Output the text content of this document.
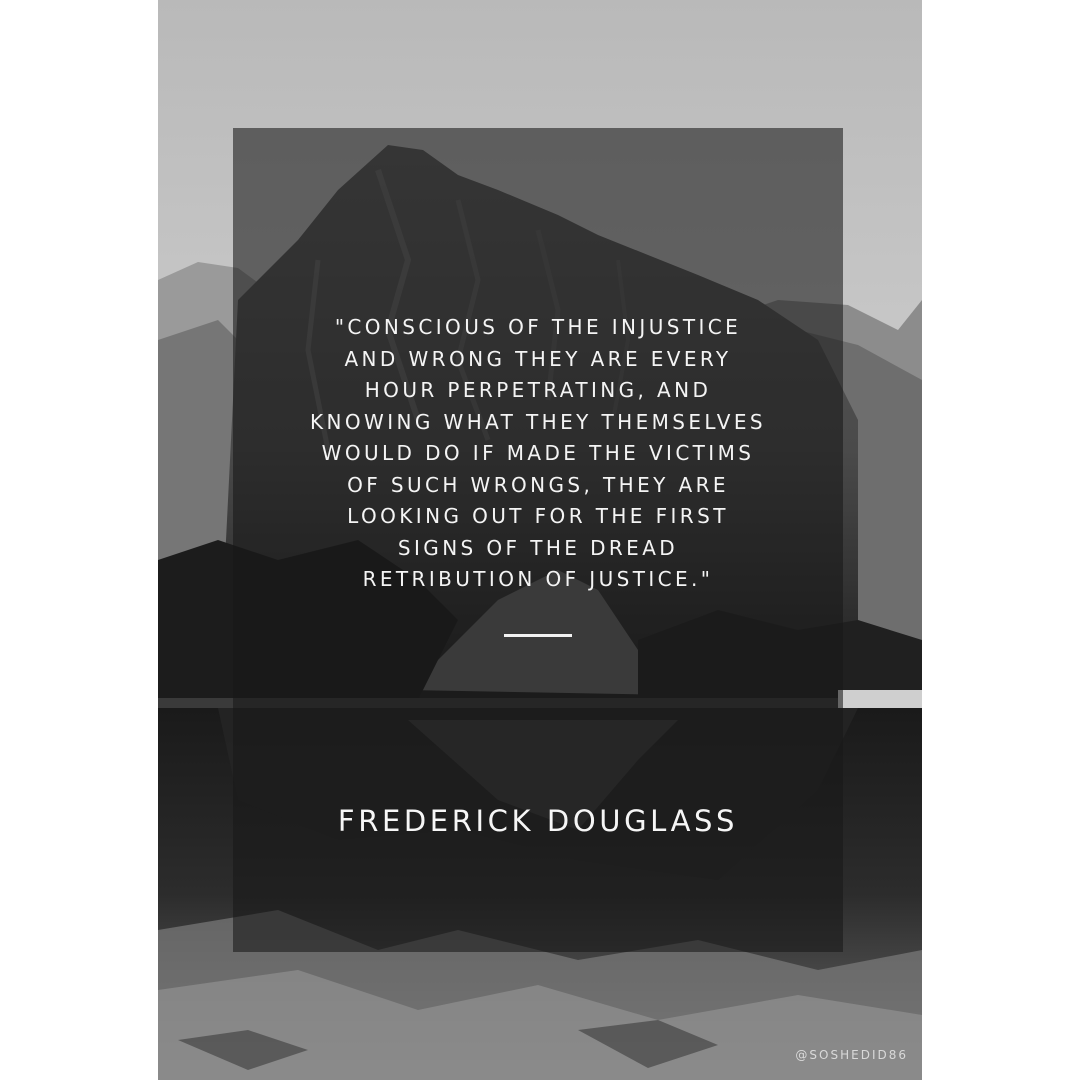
"CONSCIOUS OF THE INJUSTICE
AND WRONG THEY ARE EVERY
HOUR PERPETRATING, AND
KNOWING WHAT THEY THEMSELVES
WOULD DO IF MADE THE VICTIMS
OF SUCH WRONGS, THEY ARE
LOOKING OUT FOR THE FIRST
SIGNS OF THE DREAD
RETRIBUTION OF JUSTICE."

FREDERICK DOUGLASS
@SOSHEDID86
